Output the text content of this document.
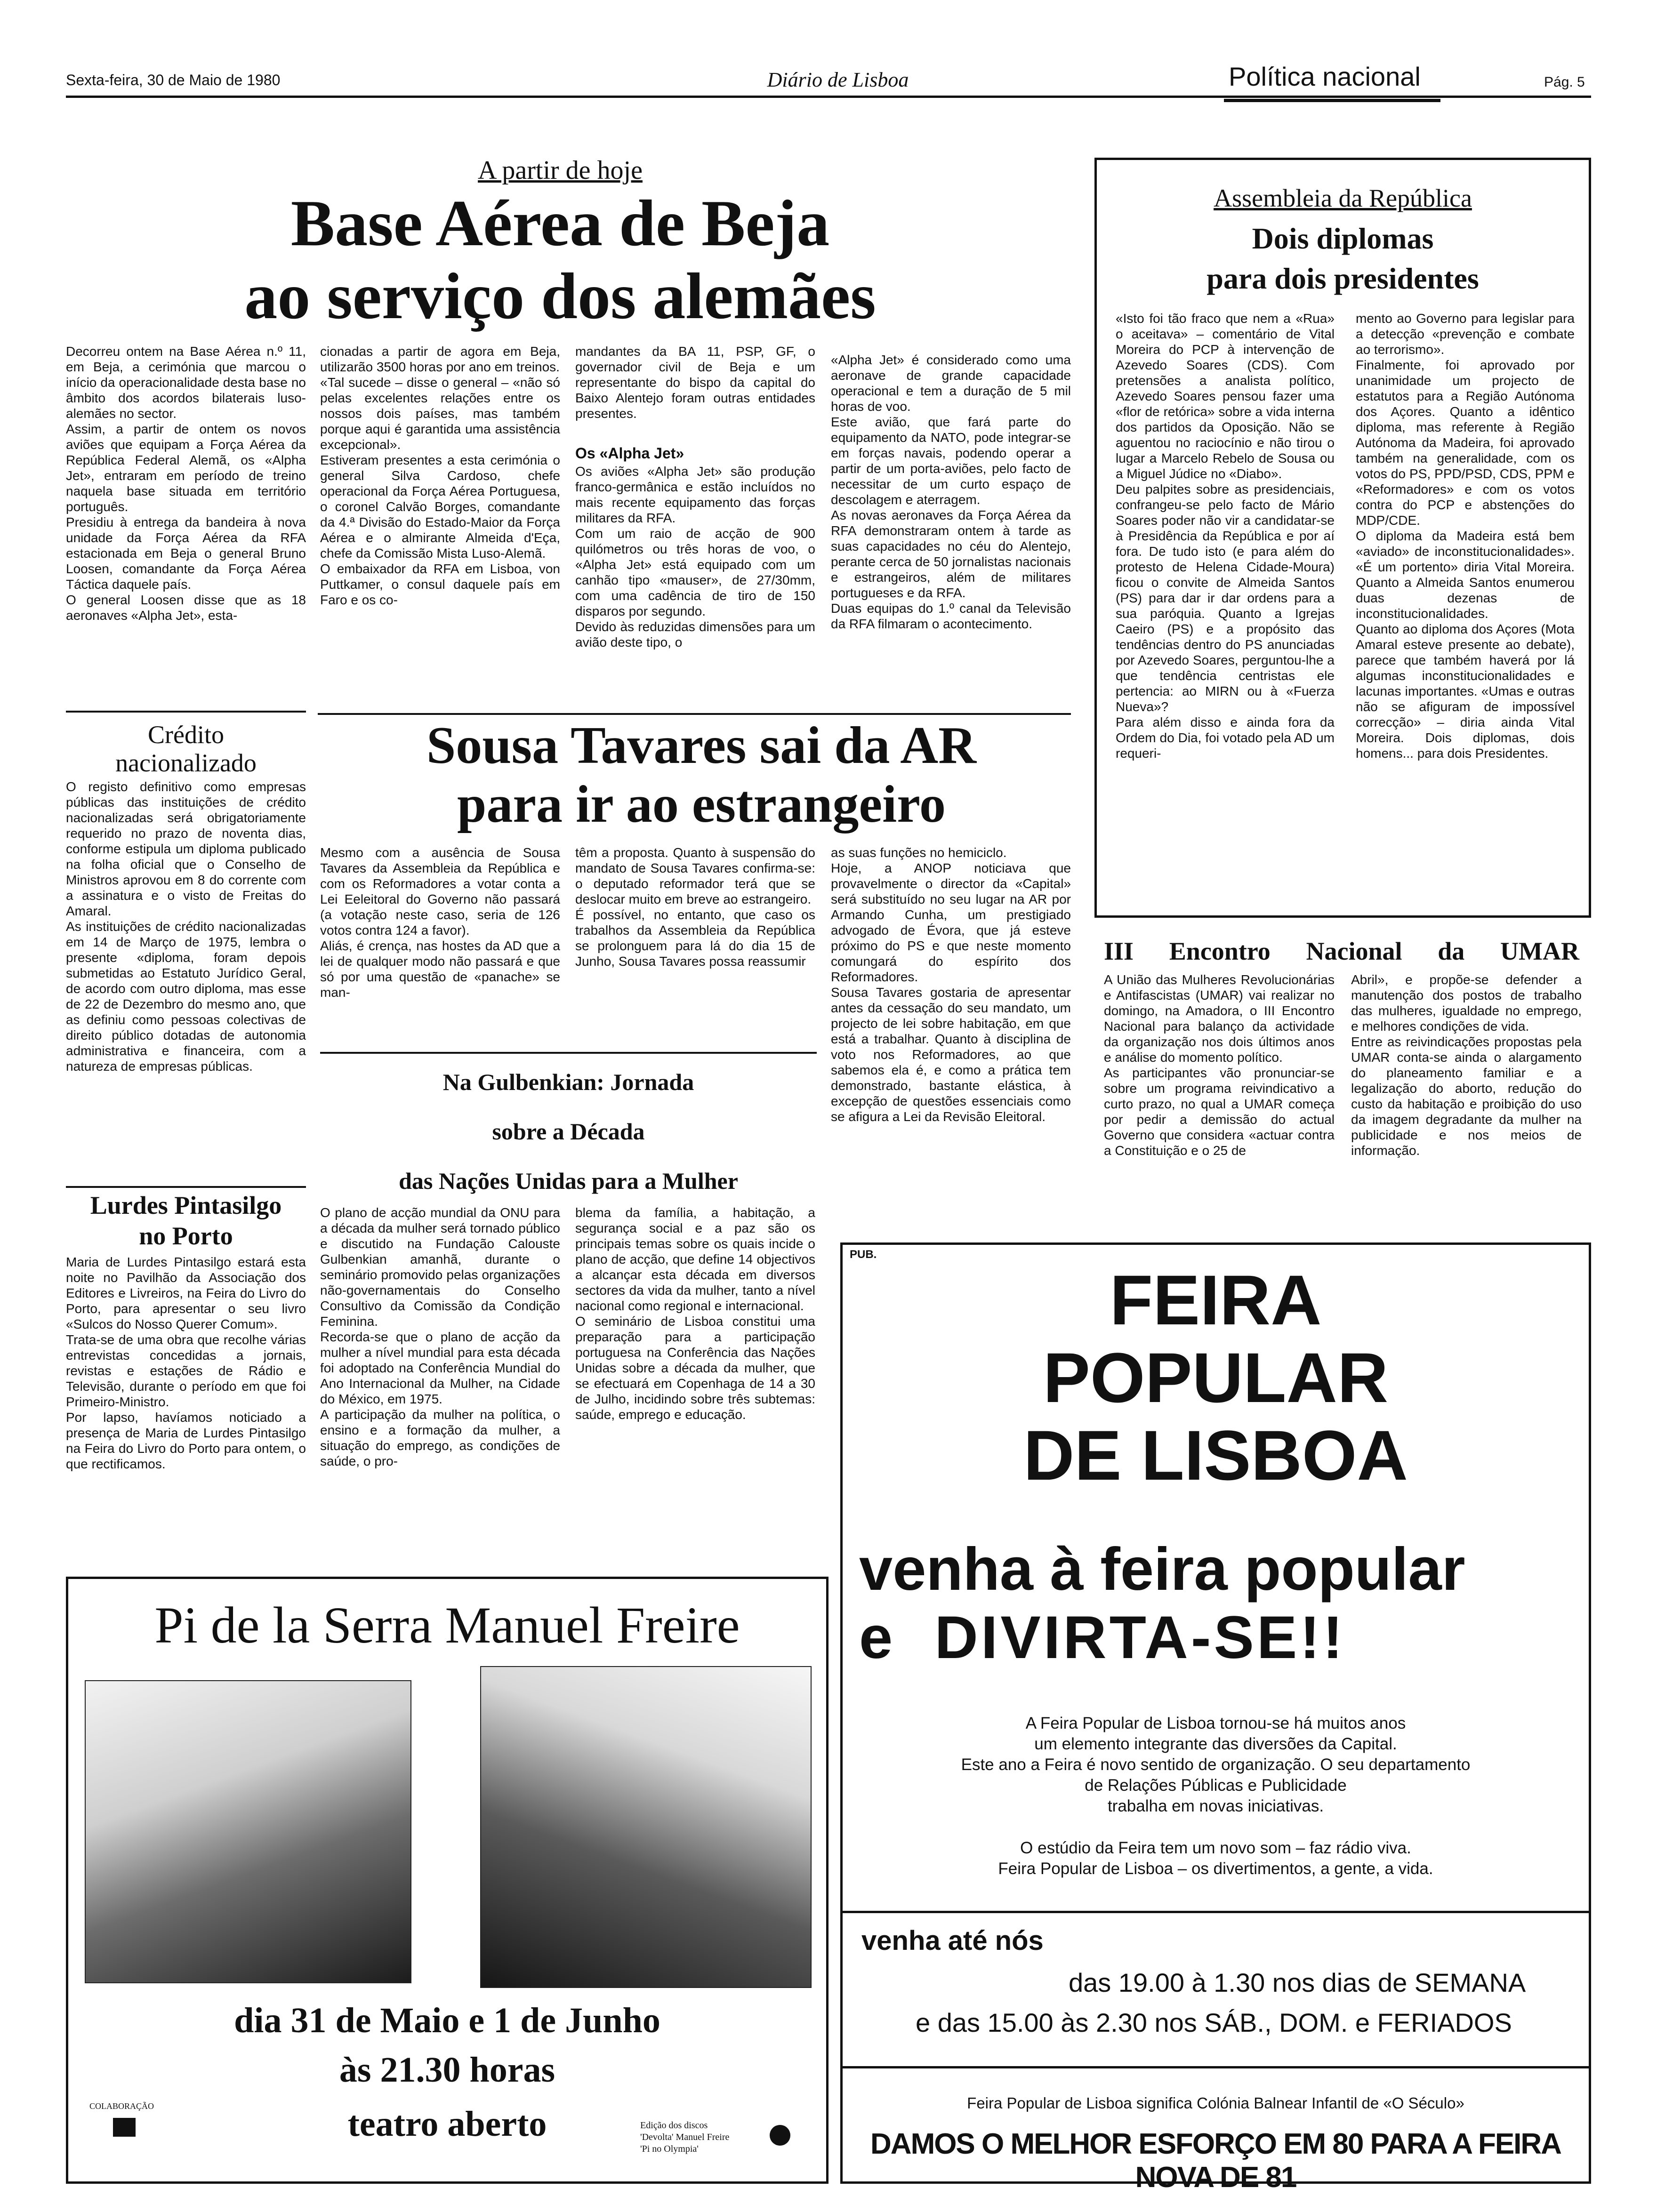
Sexta-feira, 30 de Maio de 1980	Diário de Lisboa	Política nacional	Pág. 5
A partir de hoje
Base Aérea de Beja
ao serviço dos alemães
Decorreu ontem na Base Aérea n.º 11, em Beja, a cerimónia que marcou o início da operacionalidade desta base no âmbito dos acordos bilaterais luso-alemães no sector.
Assim, a partir de ontem os novos aviões que equipam a Força Aérea da República Federal Alemã, os «Alpha Jet», entraram em período de treino naquela base situada em território português.
Presidiu à entrega da bandeira à nova unidade da Força Aérea da RFA estacionada em Beja o general Bruno Loosen, comandante da Força Aérea Táctica daquele país.
O general Loosen disse que as 18 aeronaves «Alpha Jet», esta-
cionadas a partir de agora em Beja, utilizarão 3500 horas por ano em treinos.
«Tal sucede – disse o general – «não só pelas excelentes relações entre os nossos dois países, mas também porque aqui é garantida uma assistência excepcional».
Estiveram presentes a esta cerimónia o general Silva Cardoso, chefe operacional da Força Aérea Portuguesa, o coronel Calvão Borges, comandante da 4.ª Divisão do Estado-Maior da Força Aérea e o almirante Almeida d'Eça, chefe da Comissão Mista Luso-Alemã.
O embaixador da RFA em Lisboa, von Puttkamer, o consul daquele país em Faro e os co-
mandantes da BA 11, PSP, GF, o governador civil de Beja e um representante do bispo da capital do Baixo Alentejo foram outras entidades presentes.
Os «Alpha Jet»
Os aviões «Alpha Jet» são produção franco-germânica e estão incluídos no mais recente equipamento das forças militares da RFA.
Com um raio de acção de 900 quilómetros ou três horas de voo, o «Alpha Jet» está equipado com um canhão tipo «mauser», de 27/30mm, com uma cadência de tiro de 150 disparos por segundo.
Devido às reduzidas dimensões para um avião deste tipo, o
«Alpha Jet» é considerado como uma aeronave de grande capacidade operacional e tem a duração de 5 mil horas de voo.
Este avião, que fará parte do equipamento da NATO, pode integrar-se em forças navais, podendo operar a partir de um porta-aviões, pelo facto de necessitar de um curto espaço de descolagem e aterragem.
As novas aeronaves da Força Aérea da RFA demonstraram ontem à tarde as suas capacidades no céu do Alentejo, perante cerca de 50 jornalistas nacionais e estrangeiros, além de militares portugueses e da RFA.
Duas equipas do 1.º canal da Televisão da RFA filmaram o acontecimento.
Assembleia da República
Dois diplomas
para dois presidentes
«Isto foi tão fraco que nem a «Rua» o aceitava» – comentário de Vital Moreira do PCP à intervenção de Azevedo Soares (CDS). Com pretensões a analista político, Azevedo Soares pensou fazer uma «flor de retórica» sobre a vida interna dos partidos da Oposição. Não se aguentou no raciocínio e não tirou o lugar a Marcelo Rebelo de Sousa ou a Miguel Júdice no «Diabo».
Deu palpites sobre as presidenciais, confrangeu-se pelo facto de Mário Soares poder não vir a candidatar-se à Presidência da República e por aí fora. De tudo isto (e para além do protesto de Helena Cidade-Moura) ficou o convite de Almeida Santos (PS) para dar ir dar ordens para a sua paróquia. Quanto a Igrejas Caeiro (PS) e a propósito das tendências dentro do PS anunciadas por Azevedo Soares, perguntou-lhe a que tendência centristas ele pertencia: ao MIRN ou à «Fuerza Nueva»?
Para além disso e ainda fora da Ordem do Dia, foi votado pela AD um requeri-
mento ao Governo para legislar para a detecção «prevenção e combate ao terrorismo».
Finalmente, foi aprovado por unanimidade um projecto de estatutos para a Região Autónoma dos Açores. Quanto a idêntico diploma, mas referente à Região Autónoma da Madeira, foi aprovado também na generalidade, com os votos do PS, PPD/PSD, CDS, PPM e «Reformadores» e com os votos contra do PCP e abstenções do MDP/CDE.
O diploma da Madeira está bem «aviado» de inconstitucionalidades». «É um portento» diria Vital Moreira. Quanto a Almeida Santos enumerou duas dezenas de inconstitucionalidades.
Quanto ao diploma dos Açores (Mota Amaral esteve presente ao debate), parece que também haverá por lá algumas inconstitucionalidades e lacunas importantes. «Umas e outras não se afiguram de impossível correcção» – diria ainda Vital Moreira. Dois diplomas, dois homens... para dois Presidentes.
Crédito
nacionalizado
O registo definitivo como empresas públicas das instituições de crédito nacionalizadas será obrigatoriamente requerido no prazo de noventa dias, conforme estipula um diploma publicado na folha oficial que o Conselho de Ministros aprovou em 8 do corrente com a assinatura e o visto de Freitas do Amaral.
As instituições de crédito nacionalizadas em 14 de Março de 1975, lembra o presente «diploma, foram depois submetidas ao Estatuto Jurídico Geral, de acordo com outro diploma, mas esse de 22 de Dezembro do mesmo ano, que as definiu como pessoas colectivas de direito público dotadas de autonomia administrativa e financeira, com a natureza de empresas públicas.
Lurdes Pintasilgo
no Porto
Maria de Lurdes Pintasilgo estará esta noite no Pavilhão da Associação dos Editores e Livreiros, na Feira do Livro do Porto, para apresentar o seu livro «Sulcos do Nosso Querer Comum».
Trata-se de uma obra que recolhe várias entrevistas concedidas a jornais, revistas e estações de Rádio e Televisão, durante o período em que foi Primeiro-Ministro.
Por lapso, havíamos noticiado a presença de Maria de Lurdes Pintasilgo na Feira do Livro do Porto para ontem, o que rectificamos.
Sousa Tavares sai da AR
para ir ao estrangeiro
Mesmo com a ausência de Sousa Tavares da Assembleia da República e com os Reformadores a votar conta a Lei Eeleitoral do Governo não passará (a votação neste caso, seria de 126 votos contra 124 a favor).
Aliás, é crença, nas hostes da AD que a lei de qualquer modo não passará e que só por uma questão de «panache» se man-
têm a proposta. Quanto à suspensão do mandato de Sousa Tavares confirma-se: o deputado reformador terá que se deslocar muito em breve ao estrangeiro.
É possível, no entanto, que caso os trabalhos da Assembleia da República se prolonguem para lá do dia 15 de Junho, Sousa Tavares possa reassumir
as suas funções no hemiciclo.
Hoje, a ANOP noticiava que provavelmente o director da «Capital» será substituído no seu lugar na AR por Armando Cunha, um prestigiado advogado de Évora, que já esteve próximo do PS e que neste momento comungará do espírito dos Reformadores.
Sousa Tavares gostaria de apresentar antes da cessação do seu mandato, um projecto de lei sobre habitação, em que está a trabalhar. Quanto à disciplina de voto nos Reformadores, ao que sabemos ela é, e como a prática tem demonstrado, bastante elástica, à excepção de questões essenciais como se afigura a Lei da Revisão Eleitoral.
Na Gulbenkian: Jornada
sobre a Década
das Nações Unidas para a Mulher
O plano de acção mundial da ONU para a década da mulher será tornado público e discutido na Fundação Calouste Gulbenkian amanhã, durante o seminário promovido pelas organizações não-governamentais do Conselho Consultivo da Comissão da Condição Feminina.
Recorda-se que o plano de acção da mulher a nível mundial para esta década foi adoptado na Conferência Mundial do Ano Internacional da Mulher, na Cidade do México, em 1975.
A participação da mulher na política, o ensino e a formação da mulher, a situação do emprego, as condições de saúde, o pro-
blema da família, a habitação, a segurança social e a paz são os principais temas sobre os quais incide o plano de acção, que define 14 objectivos a alcançar esta década em diversos sectores da vida da mulher, tanto a nível nacional como regional e internacional.
O seminário de Lisboa constitui uma preparação para a participação portuguesa na Conferência das Nações Unidas sobre a década da mulher, que se efectuará em Copenhaga de 14 a 30 de Julho, incidindo sobre três subtemas: saúde, emprego e educação.
III Encontro Nacional da UMAR
A União das Mulheres Revolucionárias e Antifascistas (UMAR) vai realizar no domingo, na Amadora, o III Encontro Nacional para balanço da actividade da organização nos dois últimos anos e análise do momento político.
As participantes vão pronunciar-se sobre um programa reivindicativo a curto prazo, no qual a UMAR começa por pedir a demissão do actual Governo que considera «actuar contra a Constituição e o 25 de
Abril», e propõe-se defender a manutenção dos postos de trabalho das mulheres, igualdade no emprego, e melhores condições de vida.
Entre as reivindicações propostas pela UMAR conta-se ainda o alargamento do planeamento familiar e a legalização do aborto, redução do custo da habitação e proibição do uso da imagem degradante da mulher na publicidade e nos meios de informação.
Pi de la Serra Manuel Freire
dia 31 de Maio e 1 de Junho
às 21.30 horas
teatro aberto
COLABORAÇÃO
Edição dos discos
'Devolta' Manuel Freire
'Pi no Olympia'
PUB.
FEIRA
POPULAR
DE LISBOA
venha à feira popular
e  DIVIRTA-SE!!
A Feira Popular de Lisboa tornou-se há muitos anos
um elemento integrante das diversões da Capital.
Este ano a Feira é novo sentido de organização. O seu departamento
de Relações Públicas e Publicidade
trabalha em novas iniciativas.
O estúdio da Feira tem um novo som – faz rádio viva.
Feira Popular de Lisboa – os divertimentos, a gente, a vida.
venha até nós
das 19.00 à 1.30 nos dias de SEMANA
e das 15.00 às 2.30 nos SÁB., DOM. e FERIADOS
Feira Popular de Lisboa significa Colónia Balnear Infantil de «O Século»
DAMOS O MELHOR ESFORÇO EM 80 PARA A FEIRA NOVA DE 81
